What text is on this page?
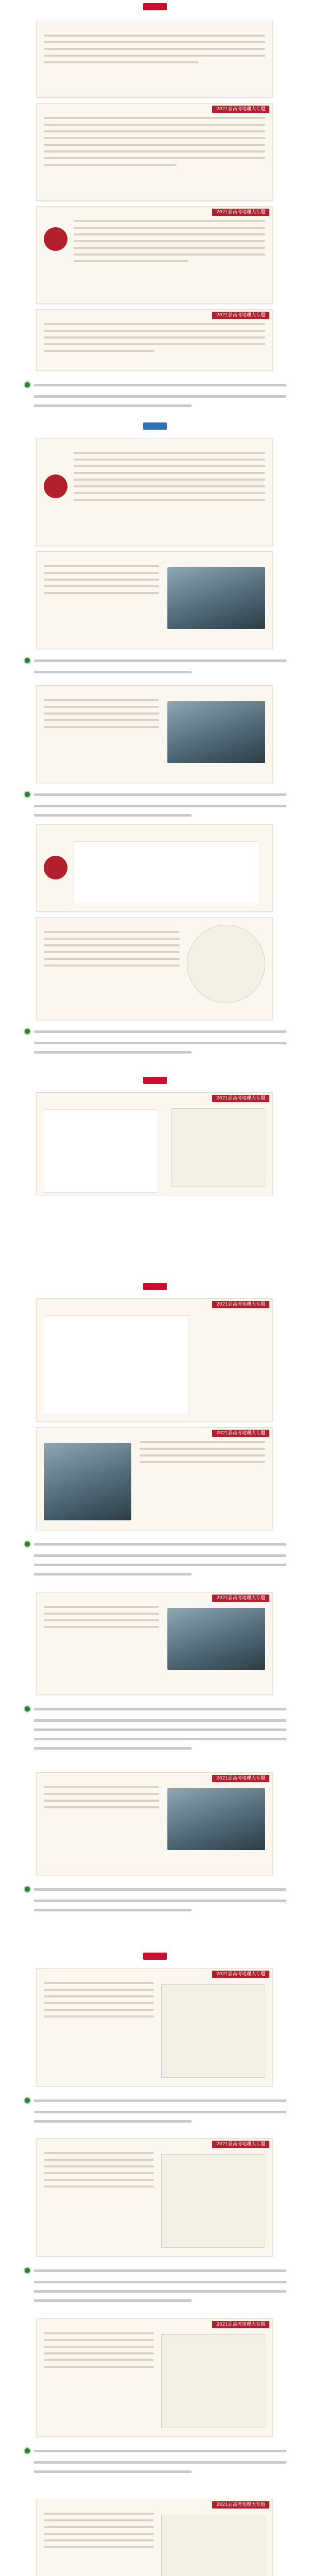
2021届高考地理大专题
2021届高考地理大专题
2021届高考地理大专题
2021届高考地理大专题
2021届高考地理大专题
2021届高考地理大专题
2021届高考地理大专题
2021届高考地理大专题
2021届高考地理大专题
2021届高考地理大专题
2021届高考地理大专题
2021届高考地理大专题
